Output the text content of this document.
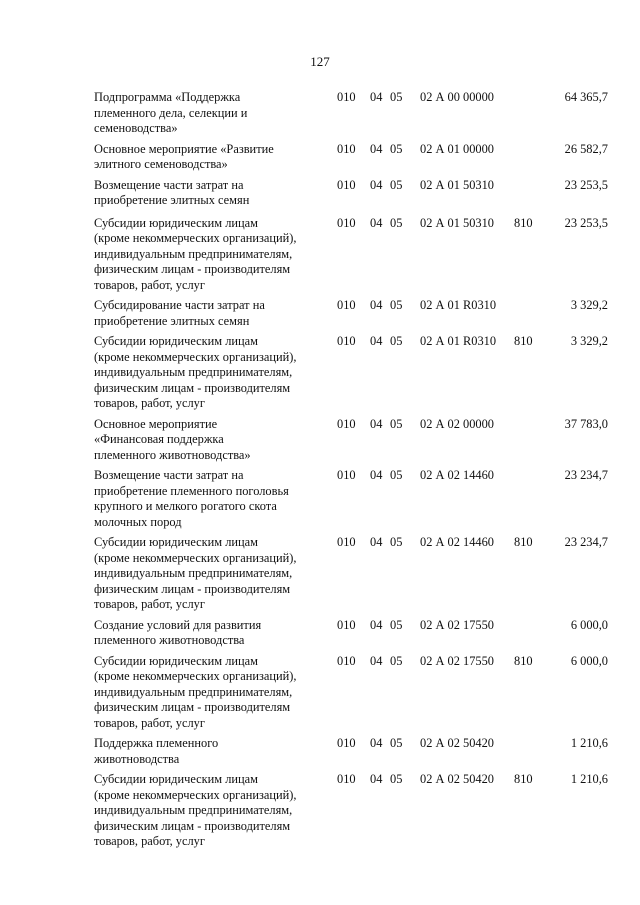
127
Подпрограмма «Поддержка
племенного дела, селекции и
семеноводства»
010 04 05 02 А 00 00000	64 365,7
Основное мероприятие «Развитие
элитного семеноводства»
010 04 05 02 А 01 00000	26 582,7
Возмещение части затрат на
приобретение элитных семян
010 04 05 02 А 01 50310	23 253,5
Субсидии юридическим лицам
(кроме некоммерческих организаций),
индивидуальным предпринимателям,
физическим лицам - производителям
товаров, работ, услуг
010 04 05 02 А 01 50310 810	23 253,5
Субсидирование части затрат на
приобретение элитных семян
010 04 05 02 А 01 R0310	3 329,2
Субсидии юридическим лицам
(кроме некоммерческих организаций),
индивидуальным предпринимателям,
физическим лицам - производителям
товаров, работ, услуг
010 04 05 02 А 01 R0310 810	3 329,2
Основное мероприятие
«Финансовая поддержка
племенного животноводства»
010 04 05 02 А 02 00000	37 783,0
Возмещение части затрат на
приобретение племенного поголовья
крупного и мелкого рогатого скота
молочных пород
010 04 05 02 А 02 14460	23 234,7
Субсидии юридическим лицам
(кроме некоммерческих организаций),
индивидуальным предпринимателям,
физическим лицам - производителям
товаров, работ, услуг
010 04 05 02 А 02 14460 810	23 234,7
Создание условий для развития
племенного животноводства
010 04 05 02 А 02 17550	6 000,0
Субсидии юридическим лицам
(кроме некоммерческих организаций),
индивидуальным предпринимателям,
физическим лицам - производителям
товаров, работ, услуг
010 04 05 02 А 02 17550 810	6 000,0
Поддержка племенного
животноводства
010 04 05 02 А 02 50420	1 210,6
Субсидии юридическим лицам
(кроме некоммерческих организаций),
индивидуальным предпринимателям,
физическим лицам - производителям
товаров, работ, услуг
010 04 05 02 А 02 50420 810	1 210,6
